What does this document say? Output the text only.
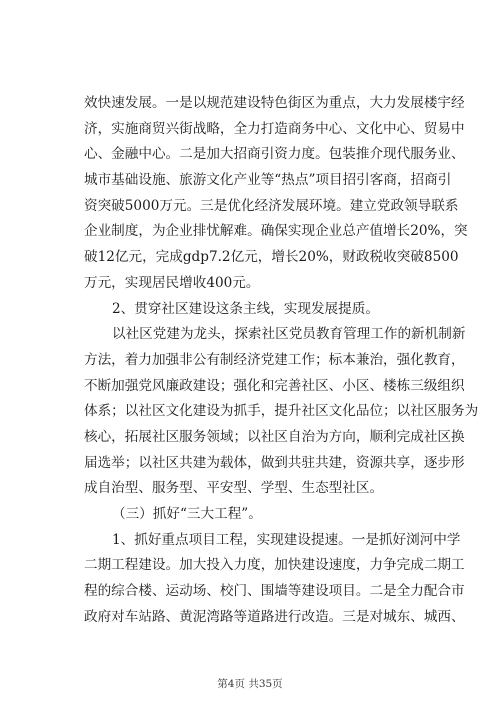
效快速发展。一是以规范建设特色街区为重点，大力发展楼宇经
济，实施商贸兴街战略，全力打造商务中心、文化中心、贸易中
心、金融中心。二是加大招商引资力度。包装推介现代服务业、
城市基础设施、旅游文化产业等“热点”项目招引客商，招商引
资突破5000万元。三是优化经济发展环境。建立党政领导联系
企业制度，为企业排忧解难。确保实现企业总产值增长20%，突
破12亿元，完成gdp7.2亿元，增长20%，财政税收突破8500
万元，实现居民增收400元。
2、贯穿社区建设这条主线，实现发展提质。
以社区党建为龙头，探索社区党员教育管理工作的新机制新
方法，着力加强非公有制经济党建工作；标本兼治，强化教育，
不断加强党风廉政建设；强化和完善社区、小区、楼栋三级组织
体系；以社区文化建设为抓手，提升社区文化品位；以社区服务为
核心，拓展社区服务领域；以社区自治为方向，顺利完成社区换
届选举；以社区共建为载体，做到共驻共建，资源共享，逐步形
成自治型、服务型、平安型、学型、生态型社区。
（三）抓好“三大工程”。
1、抓好重点项目工程，实现建设提速。一是抓好浏河中学
二期工程建设。加大投入力度，加快建设速度，力争完成二期工
程的综合楼、运动场、校门、围墙等建设项目。二是全力配合市
政府对车站路、黄泥湾路等道路进行改造。三是对城东、城西、
第4页 共35页
